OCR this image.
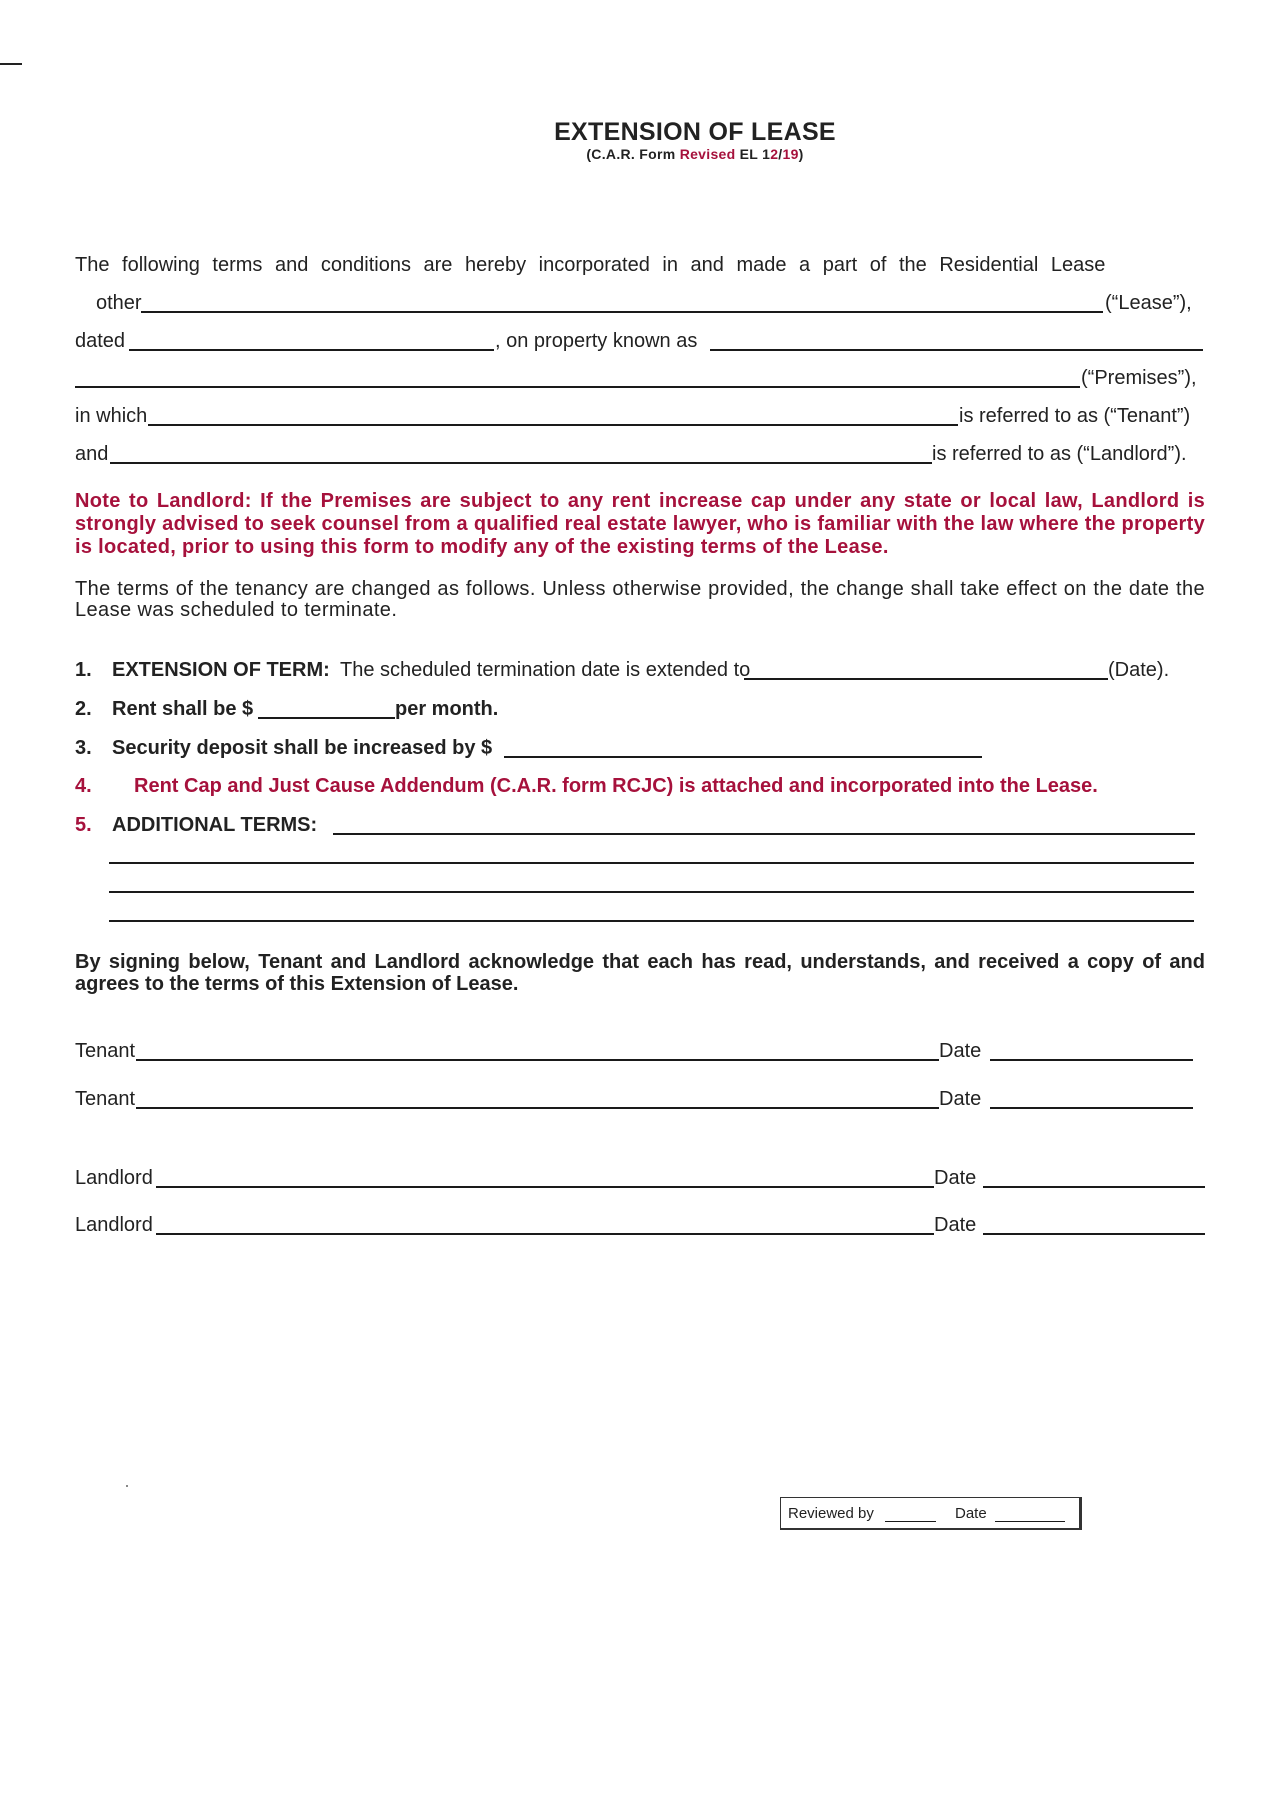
EXTENSION OF LEASE
(C.A.R. Form Revised EL 12/19)
The following terms and conditions are hereby incorporated in and made a part of the Residential Lease
other	(“Lease”),
dated	, on property known as
(“Premises”),
in which	is referred to as (“Tenant”)
and	is referred to as (“Landlord”).
Note to Landlord: If the Premises are subject to any rent increase cap under any state or local law, Landlord is strongly advised to seek counsel from a qualified real estate lawyer, who is familiar with the law where the property is located, prior to using this form to modify any of the existing terms of the Lease.
The terms of the tenancy are changed as follows. Unless otherwise provided, the change shall take effect on the date the Lease was scheduled to terminate.
1. EXTENSION OF TERM: The scheduled termination date is extended to	(Date).
2. Rent shall be $	per month.
3. Security deposit shall be increased by $
4. Rent Cap and Just Cause Addendum (C.A.R. form RCJC) is attached and incorporated into the Lease.
5. ADDITIONAL TERMS:
By signing below, Tenant and Landlord acknowledge that each has read, understands, and received a copy of and agrees to the terms of this Extension of Lease.
Tenant	Date
Tenant	Date
Landlord	Date
Landlord	Date
Reviewed by	Date
